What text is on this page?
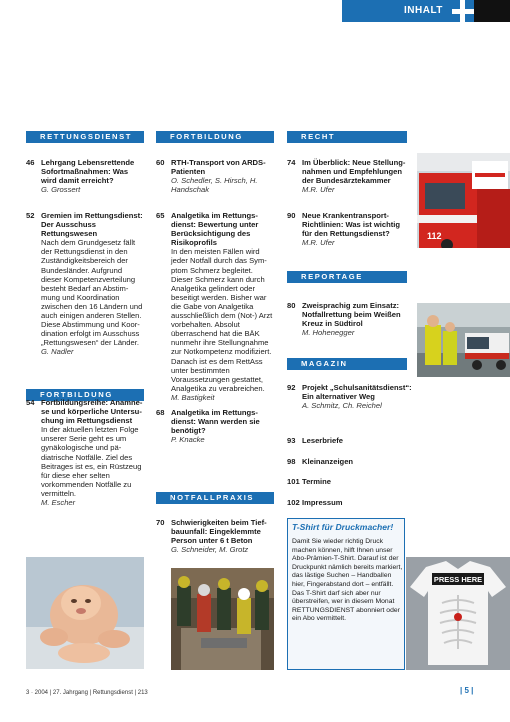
INHALT
RETTUNGSDIENST
46 Lehrgang Lebensrettende Sofortmaßnahmen: Was wird damit erreicht?
G. Grossert
52 Gremien im Rettungsdienst: Der Ausschuss Rettungswesen
Nach dem Grundgesetz fällt der Rettungsdienst in den Zuständigkeitsbereich der Bundesländer. Aufgrund dieser Kompetenzverteilung besteht Bedarf an Abstimmung und Koordination zwischen den 16 Ländern und auch einigen anderen Stellen. Diese Abstimmung und Koordination erfolgt im Ausschuss „Rettungswesen“ der Länder.
G. Nadler
FORTBILDUNG
54 Fortbildungsreihe: Anamnese und körperliche Untersuchung im Rettungsdienst
In der aktuellen letzten Folge unserer Serie geht es um gynäkologische und pädiatrische Notfälle. Ziel des Beitrages ist es, ein Rüstzeug für diese eher selten vorkommenden Notfälle zu vermitteln.
M. Escher
FORTBILDUNG
60 RTH-Transport von ARDS-Patienten
O. Schedler, S. Hirsch, H. Handschak
65 Analgetika im Rettungsdienst: Bewertung unter Berücksichtigung des Risikoprofils
In den meisten Fällen wird jeder Notfall durch das Symptom Schmerz begleitet. Dieser Schmerz kann durch Analgetika gelindert oder beseitigt werden. Bisher war die Gabe von Analgetika ausschließlich dem (Not-) Arzt vorbehalten. Absolut überraschend hat die BÄK nunmehr ihre Stellungnahme zur Notkompetenz modifiziert. Danach ist es dem RettAss unter bestimmten Voraussetzungen gestattet, Analgetika zu verabreichen.
M. Bastigkeit
68 Analgetika im Rettungsdienst: Wann werden sie benötigt?
P. Knacke
NOTFALLPRAXIS
70 Schwierigkeiten beim Tiefbauunfall: Eingeklemmte Person unter 6 t Beton
G. Schneider, M. Grotz
RECHT
74 Im Überblick: Neue Stellungnahmen und Empfehlungen der Bundesärztekammer
M.R. Ufer
90 Neue Krankentransport-Richtlinien: Was ist wichtig für den Rettungsdienst?
M.R. Ufer
112
REPORTAGE
80 Zweisprachig zum Einsatz: Notfallrettung beim Weißen Kreuz in Südtirol
M. Hohenegger
MAGAZIN
92 Projekt „Schulsanitätsdienst“: Ein alternativer Weg
A. Schmitz, Ch. Reichel
93 Leserbriefe
98 Kleinanzeigen
101 Termine
102 Impressum
T-Shirt für Druckmacher!
Damit Sie wieder richtig Druck machen können, hilft Ihnen unser Abo-Prämien-T-Shirt. Darauf ist der Druckpunkt nämlich bereits markiert, das lästige Suchen – Handballen hier, Fingerabstand dort – entfällt. Das T-Shirt darf sich aber nur überstreifen, wer in diesem Monat RETTUNGSDIENST abonniert oder ein Abo vermittelt.
PRESS HERE
3 · 2004 | 27. Jahrgang | Rettungsdienst | 213	| 5 |
